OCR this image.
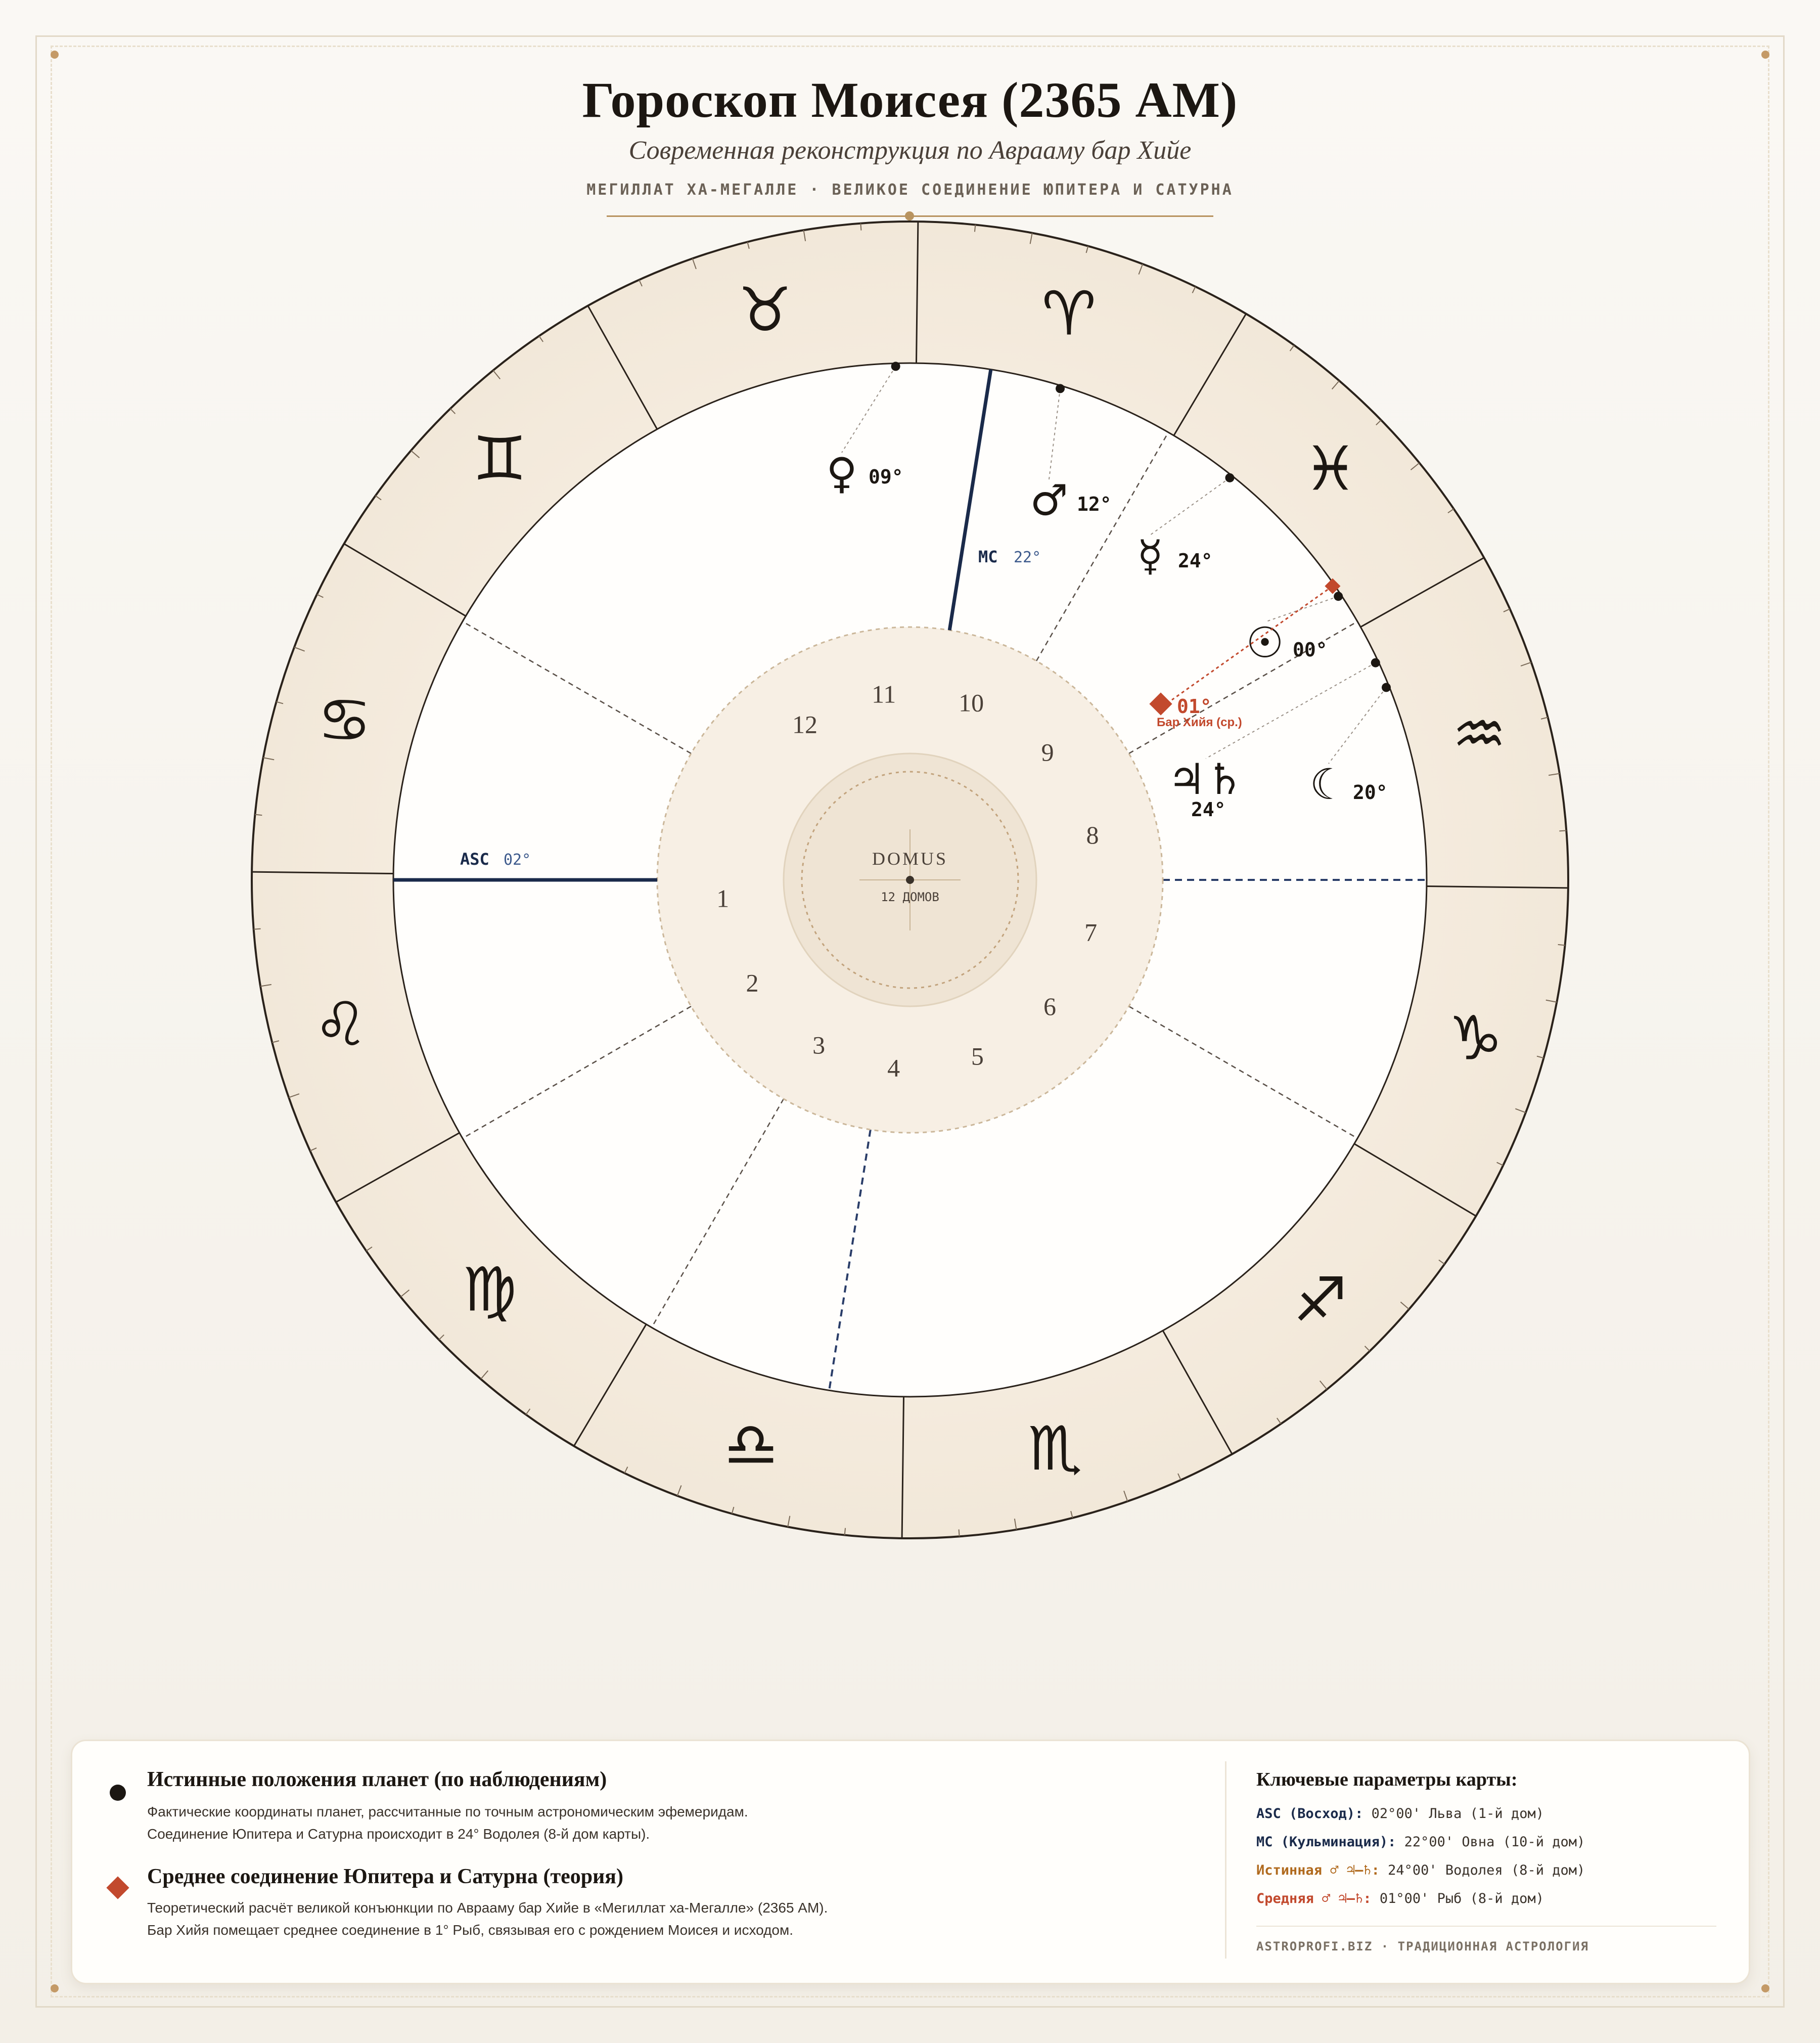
Гороскоп Моисея (2365 AM)
Современная реконструкция по Аврааму бар Хийе
МЕГИЛЛАТ ХА-МЕГАЛЛЕ · ВЕЛИКОЕ СОЕДИНЕНИЕ ЮПИТЕРА И САТУРНА
♌
♍
♎	♏
♐
♑
♒
♓
♈
♉
♊
♋
DOMUS
12 ДОМОВ
1
2
3
4	5
6
7
8
9
10
11
12
ASC 02°
MC 22°
♀ 09°	♂ 12°
☿ 24°
☉ 00°
♃♄
24°
☾ 20°
01°
Бар Хийя (ср.)
Истинные положения планет (по наблюдениям)
Фактические координаты планет, рассчитанные по точным астрономическим эфемеридам.
Соединение Юпитера и Сатурна происходит в 24° Водолея (8-й дом карты).
Среднее соединение Юпитера и Сатурна (теория)
Теоретический расчёт великой конъюнкции по Аврааму бар Хийе в «Мегиллат ха-Мегалле» (2365 AM).
Бар Хийя помещает среднее соединение в 1° Рыб, связывая его с рождением Моисея и исходом.
Ключевые параметры карты:
ASC (Восход): 02°00' Льва (1-й дом)
MC (Кульминация): 22°00' Овна (10-й дом)
Истинная ♂ ♃–♄: 24°00' Водолея (8-й дом)
Средняя ♂ ♃–♄: 01°00' Рыб (8-й дом)
ASTROPROFI.BIZ · ТРАДИЦИОННАЯ АСТРОЛОГИЯ
